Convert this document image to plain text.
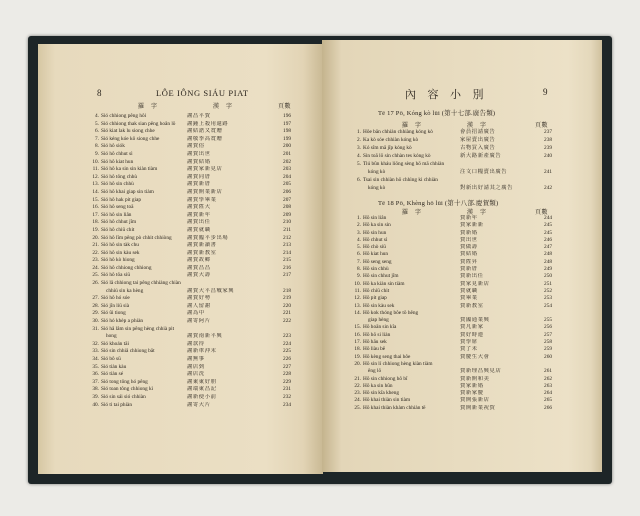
8	LÔE IÔNG SIÁU PIAT
羅　字	漢　字	頁數
4. Sió chhiong pêng hôi	謝昌平賀	196
5. Sió chhiong thak sian pêng hoân lō	謝鍾上殺用還路	197
6. Sió kiat lak lu siong chhe	謝結諾又賞贈	198
7. Sió kéng kóe kô siong chhe	謝敬季高賞贈	199
8. Sió hô siók	謝賀俗	200
9. Sió hô chhut sì	謝賀出世	201
10. Sió hô kiat hun	謝賀結婚	202
11. Sió hô ka sin sin kiàn tiàm	謝賀家新見店	203
12. Sió hô tông chhù	謝賀同厝	204
13. Sió hô sin chhù	謝賀新厝	205
14. Sió hô khai giap sin tiàm	謝賀開業新店	206
15. Sió hô hak pit giap	謝賀學畢業	207
16. Sió hô seng toā	謝賀陞大	208
17. Sió hô sin liân	謝賀新年	209
18. Sió hô chhut jîm	謝賀出任	210
19. Sió hô chiū chit	謝賀就職	211
20. Sió hô lîm pêng pò chhit chhiòng	謝賀臨平步出場	212
21. Sió hô sin tàk chu	謝賀新讀書	213
22. Sió hô sin kàu sek	謝賀新教室	214
23. Sió hô kò hiong	謝賀故鄉	215
24. Sió hô chhiong chhiong	謝賀昌昌	216
25. Sió hô tōa siū	謝賀大壽	217
26. Sió lâ chhiong tai pêng chhiàng chiàn
chhiú sin ka hèng	謝賀大平昌戰家興	218
27. Sió hô hó sóe	謝賀好勢	219
28. Sió jîn liū sià	謝人留謝	220
29. Sió ûi tiong	謝為中	221
30. Sió hó khèp a phiàn	謝寄阿片	222
31. Sió hâ lâm sin pêng hèng chhià pit
hong	謝賀南新平興	223
32. Sió khoán tāi	謝款待	224
33. Sió sin chhiâ chhiong bāt	謝新車沖末	225
34. Sió bô sū	謝無事	226
35. Sió tiàn kàu	謝店到	227
36. Sió tiàn sé	謝店洗	228
37. Sió tong tông hó pêng	謝東東好朋	229
38. Sió toan tông chhiong kì	謝端東昌記	231
39. Sió sin sái sió chhiàn	謝新使小前	232
40. Sió ti tai phiàn	謝寄大片	234
內 容 小 別	9
Tē 17 Pō, Kóng kò lūi (第十七部.廣告類)
羅　字	漢　字	頁數
1. Hôe bān chhiàn chhiàng kóng kò	會員招請廣告	237
2. Ka kò sóe chhiàn kóng kò	家屋賣出廣告	238
3. Kó sîm mā jîp kóng kò	古物買入廣告	239
4. Sin toā lō sin chhàn tes kóng kò	新大路新產廣告	240
5. Tiú bûn kháu liōng sèng hō mā chhiàn
kóng kò	注文口糧賣出廣告	241
6. Tsai sin chhiàn hō chhìng ki chhiàn
kóng kò	對新出好請其之廣告	242
Tē 18 Pō, Khèng hō lūi (第十八部.慶賀類)
羅　字	漢　字	頁數
1. Hō sin liân	賀新年	244
2. Hō ka sin sin	賀家新新	245
3. Hō sin hun	賀新婚	245
4. Hō chhut sì	賀出世	246
5. Hō chò siū	賀做壽	247
6. Hō kiat hun	賀結婚	248
7. Hō seng seng	賀陞昇	248
8. Hō sin chhù	賀新厝	249
9. Hō sin chhut jîm	賀新出任	250
10. Hō ka kiàn sin tiàm	賀家見新店	251
11. Hō chiū chit	賀就職	252
12. Hō pit giap	賀畢業	253
13. Hō sin kàu sek	賀新教室	254
14. Hō kok thóng bôe tō hêng
giap hèng	賀國通業興	255
15. Hō hoān sin kîa	賀凡新家	256
16. Hō hō si liàn	賀好時連	257
17. Hō hāu sek	賀學席	258
18. Hō liàu bē	賀了未	259
19. Hō kèng seng thai hôe	賀慶生大會	260
20. Hō sin lí chhiong hèng kiàn tiàm
êng lō	賀新理昌興見店	261
21. Hō sin chhiong hô bî	賀新開和美	262
22. Hō ka sin hûn	賀家新婚	263
23. Hō sin kîa kheng	賀新家慶	264
24. Hō khai thiàn sin tiàm	賀開張新店	265
25. Hō khai thiàn khàm chhiàn tē	賀開新業祝賀	266
